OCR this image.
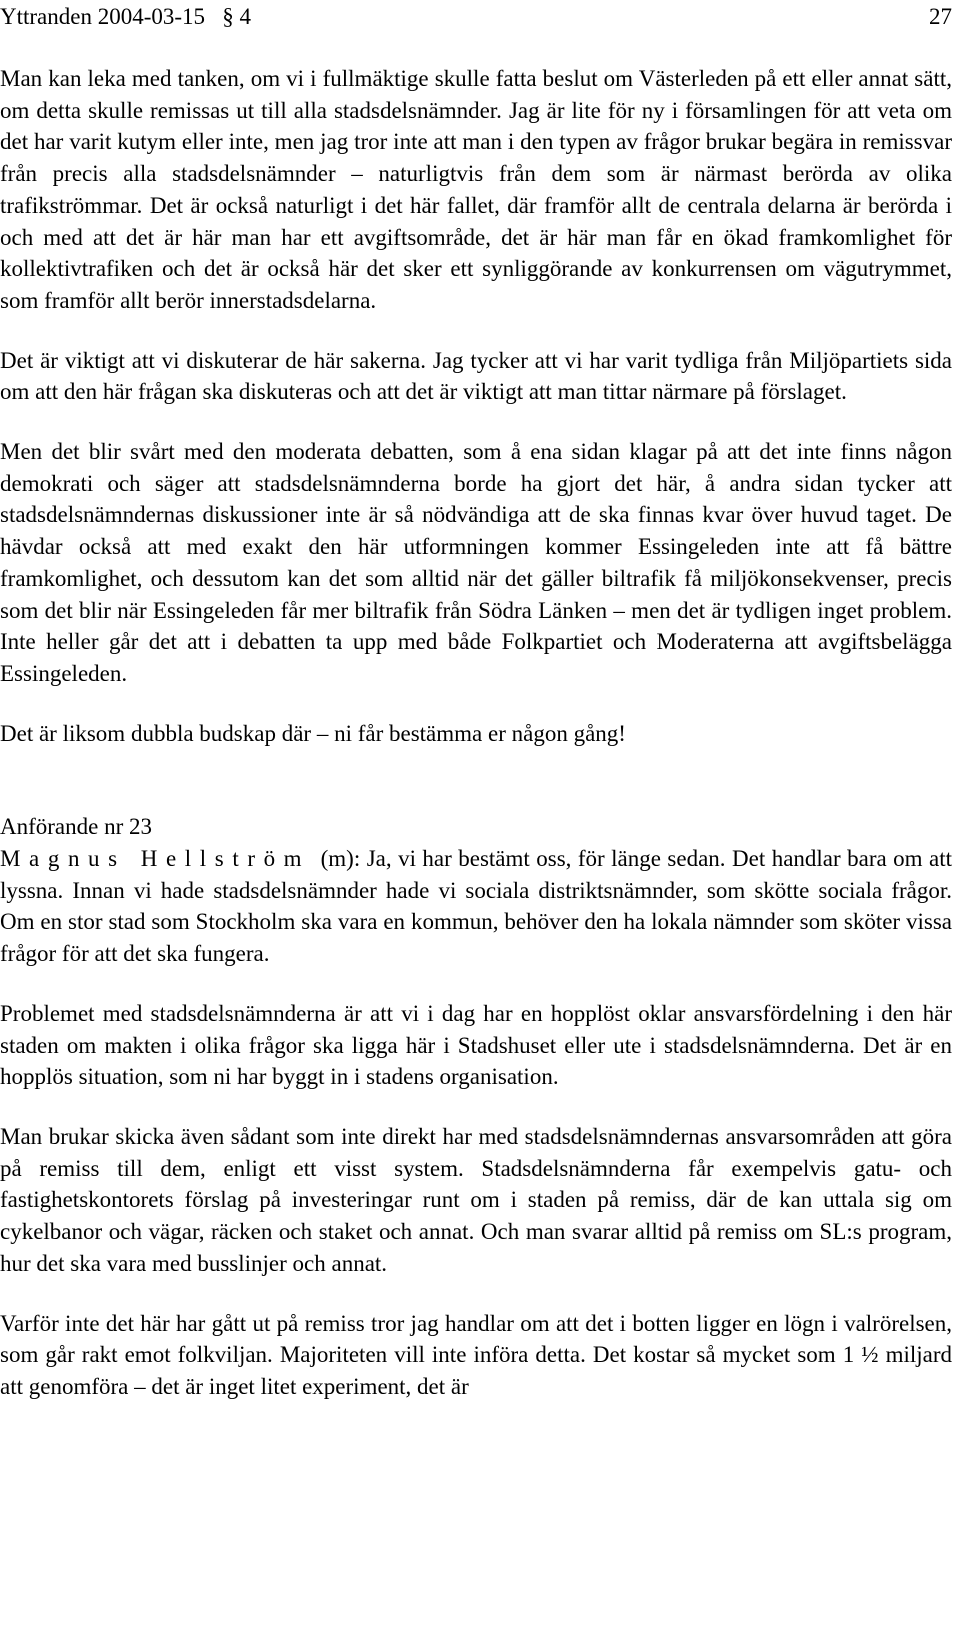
Yttranden 2004-03-15   § 4	27

Man kan leka med tanken, om vi i fullmäktige skulle fatta beslut om Västerleden på ett eller annat sätt, om detta skulle remissas ut till alla stadsdelsnämnder. Jag är lite för ny i församlingen för att veta om det har varit kutym eller inte, men jag tror inte att man i den typen av frågor brukar begära in remissvar från precis alla stadsdelsnämnder – naturligtvis från dem som är närmast berörda av olika trafikströmmar. Det är också naturligt i det här fallet, där framför allt de centrala delarna är berörda i och med att det är här man har ett avgiftsområde, det är här man får en ökad framkomlighet för kollektivtrafiken och det är också här det sker ett synliggörande av konkurrensen om vägutrymmet, som framför allt berör innerstadsdelarna.

Det är viktigt att vi diskuterar de här sakerna. Jag tycker att vi har varit tydliga från Miljöpartiets sida om att den här frågan ska diskuteras och att det är viktigt att man tittar närmare på förslaget.

Men det blir svårt med den moderata debatten, som å ena sidan klagar på att det inte finns någon demokrati och säger att stadsdelsnämnderna borde ha gjort det här, å andra sidan tycker att stadsdelsnämndernas diskussioner inte är så nödvändiga att de ska finnas kvar över huvud taget. De hävdar också att med exakt den här utformningen kommer Essingeleden inte att få bättre framkomlighet, och dessutom kan det som alltid när det gäller biltrafik få miljökonsekvenser, precis som det blir när Essingeleden får mer biltrafik från Södra Länken – men det är tydligen inget problem. Inte heller går det att i debatten ta upp med både Folkpartiet och Moderaterna att avgiftsbelägga Essingeleden.

Det är liksom dubbla budskap där – ni får bestämma er någon gång!

Anförande nr 23

Magnus Hellström (m): Ja, vi har bestämt oss, för länge sedan. Det handlar bara om att lyssna. Innan vi hade stadsdelsnämnder hade vi sociala distriktsnämnder, som skötte sociala frågor. Om en stor stad som Stockholm ska vara en kommun, behöver den ha lokala nämnder som sköter vissa frågor för att det ska fungera.

Problemet med stadsdelsnämnderna är att vi i dag har en hopplöst oklar ansvarsfördelning i den här staden om makten i olika frågor ska ligga här i Stadshuset eller ute i stadsdelsnämnderna. Det är en hopplös situation, som ni har byggt in i stadens organisation.

Man brukar skicka även sådant som inte direkt har med stadsdelsnämndernas ansvarsområden att göra på remiss till dem, enligt ett visst system. Stadsdelsnämnderna får exempelvis gatu- och fastighetskontorets förslag på investeringar runt om i staden på remiss, där de kan uttala sig om cykelbanor och vägar, räcken och staket och annat. Och man svarar alltid på remiss om SL:s program, hur det ska vara med busslinjer och annat.

Varför inte det här har gått ut på remiss tror jag handlar om att det i botten ligger en lögn i valrörelsen, som går rakt emot folkviljan. Majoriteten vill inte införa detta. Det kostar så mycket som 1 ½ miljard att genomföra – det är inget litet experiment, det är
